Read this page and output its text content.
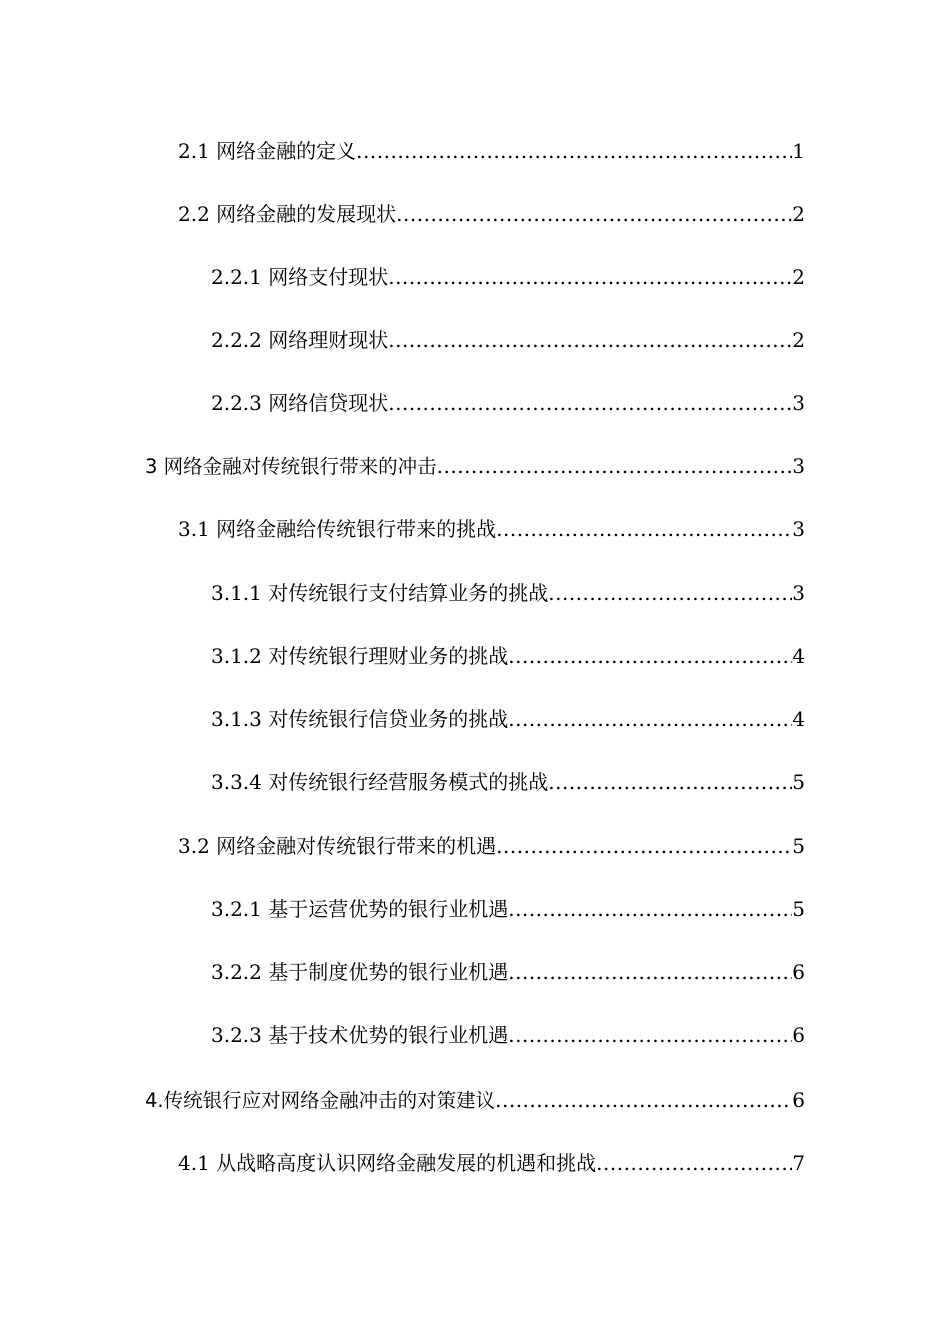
2.1 网络金融的定义 .....	1
2.2 网络金融的发展现状 .....	2
2.2.1 网络支付现状 .....	2
2.2.2 网络理财现状 .....	2
2.2.3 网络信贷现状 .....	3
3 网络金融对传统银行带来的冲击 .....	3
3.1 网络金融给传统银行带来的挑战 .....	3
3.1.1 对传统银行支付结算业务的挑战 .....	3
3.1.2 对传统银行理财业务的挑战 .....	4
3.1.3 对传统银行信贷业务的挑战 .....	4
3.3.4 对传统银行经营服务模式的挑战 .....	5
3.2 网络金融对传统银行带来的机遇 .....	5
3.2.1 基于运营优势的银行业机遇 .....	5
3.2.2 基于制度优势的银行业机遇 .....	6
3.2.3 基于技术优势的银行业机遇 .....	6
4.传统银行应对网络金融冲击的对策建议 .....	6
4.1 从战略高度认识网络金融发展的机遇和挑战 .....	7
